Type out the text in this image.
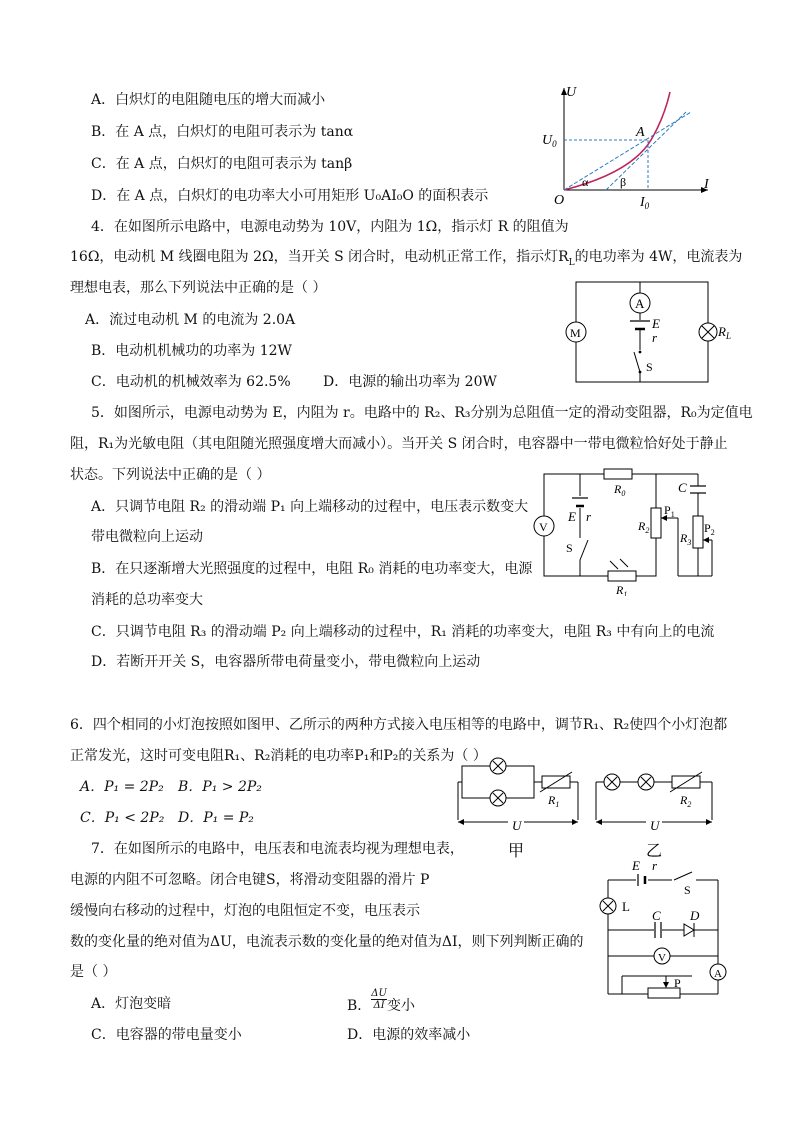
A．白炽灯的电阻随电压的增大而减小
B．在 A 点，白炽灯的电阻可表示为 tanα
C．在 A 点，白炽灯的电阻可表示为 tanβ
D．在 A 点，白炽灯的电功率大小可用矩形 U₀AI₀O 的面积表示
U
I
O
A
$U_0$
$I_0$
α	β
4．在如图所示电路中，电源电动势为 10V，内阻为 1Ω，指示灯 R 的阻值为
16Ω，电动机 M 线圈电阻为 2Ω，当开关 S 闭合时，电动机正常工作，指示灯$R_L$的电功率为 4W，电流表为
理想电表，那么下列说法中正确的是（ ）
A．流过电动机 M 的电流为 2.0A
B．电动机机械功的功率为 12W
C．电动机的机械效率为 62.5% D．电源的输出功率为 20W
A
M
E
r
S
$R_L$
5．如图所示，电源电动势为 E，内阻为 r。电路中的 R₂、R₃分别为总阻值一定的滑动变阻器，R₀为定值电
阻，R₁为光敏电阻（其电阻随光照强度增大而减小）。当开关 S 闭合时，电容器中一带电微粒恰好处于静止
状态。下列说法中正确的是（ ）
A．只调节电阻 R₂ 的滑动端 P₁ 向上端移动的过程中，电压表示数变大
带电微粒向上运动
B．在只逐渐增大光照强度的过程中，电阻 R₀ 消耗的电功率变大，电源
消耗的总功率变大
C．只调节电阻 R₃ 的滑动端 P₂ 向上端移动的过程中，R₁ 消耗的功率变大，电阻 R₃ 中有向上的电流
D．若断开开关 S，电容器所带电荷量变小，带电微粒向上运动
V
E r
S
$R_0$
$R_1$
$R_2$
$P_1$
C
$R_3$
$P_2$
6．四个相同的小灯泡按照如图甲、乙所示的两种方式接入电压相等的电路中，调节R₁、R₂使四个小灯泡都
正常发光，这时可变电阻R₁、R₂消耗的电功率P₁和P₂的关系为（ ）
A．P₁ = 2P₂ B．P₁ > 2P₂
C．P₁ < 2P₂ D．P₁ = P₂
$R_1$
U
甲
$R_2$
U
乙
7．在如图所示的电路中，电压表和电流表均视为理想电表，
电源的内阻不可忽略。闭合电键S，将滑动变阻器的滑片 P
缓慢向右移动的过程中，灯泡的电阻恒定不变，电压表示
数的变化量的绝对值为ΔU，电流表示数的变化量的绝对值为ΔI，则下列判断正确的
是（ ）
A．灯泡变暗	B． $\frac{\Delta U}{\Delta I}$ 变小
C．电容器的带电量变小	D．电源的效率减小
E r
S
L
C D
V
P
A
